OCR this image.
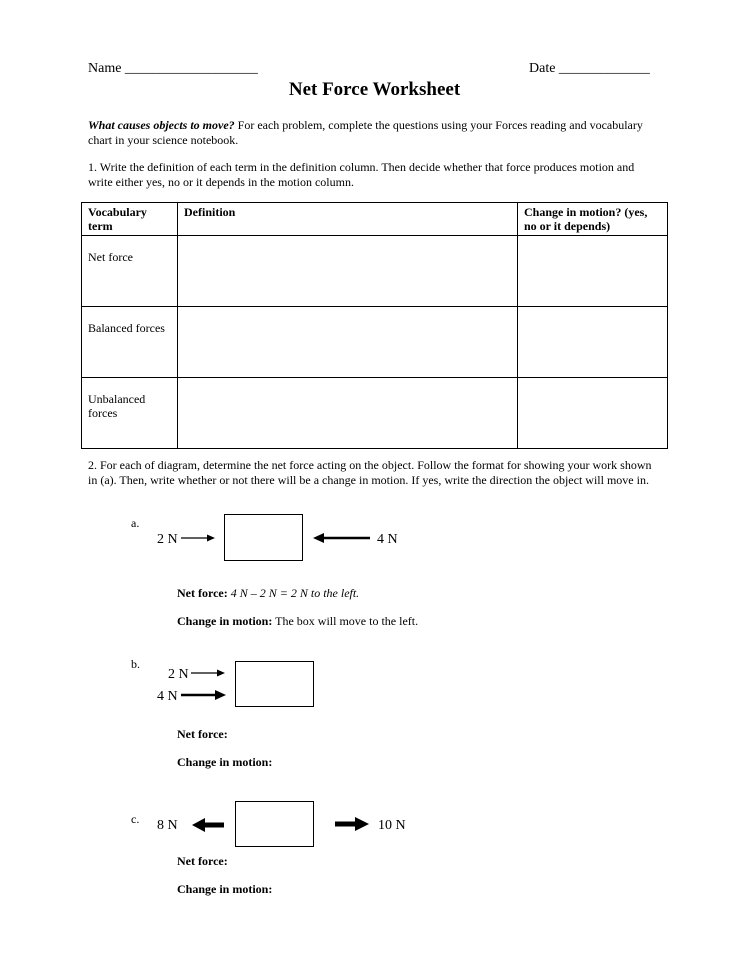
Name ___________________	Date _____________
Net Force Worksheet
What causes objects to move? For each problem, complete the questions using your Forces reading and vocabulary chart in your science notebook.
1. Write the definition of each term in the definition column. Then decide whether that force produces motion and write either yes, no or it depends in the motion column.
Vocabulary term	Definition	Change in motion? (yes, no or it depends)
Net force		
Balanced forces		
Unbalanced forces		
2. For each of diagram, determine the net force acting on the object. Follow the format for showing your work shown in (a). Then, write whether or not there will be a change in motion. If yes, write the direction the object will move in.
a.
2 N	4 N
Net force: 4 N – 2 N = 2 N to the left.
Change in motion: The box will move to the left.
b.
2 N
4 N
Net force:
Change in motion:
c. 8 N	10 N
Net force:
Change in motion:
